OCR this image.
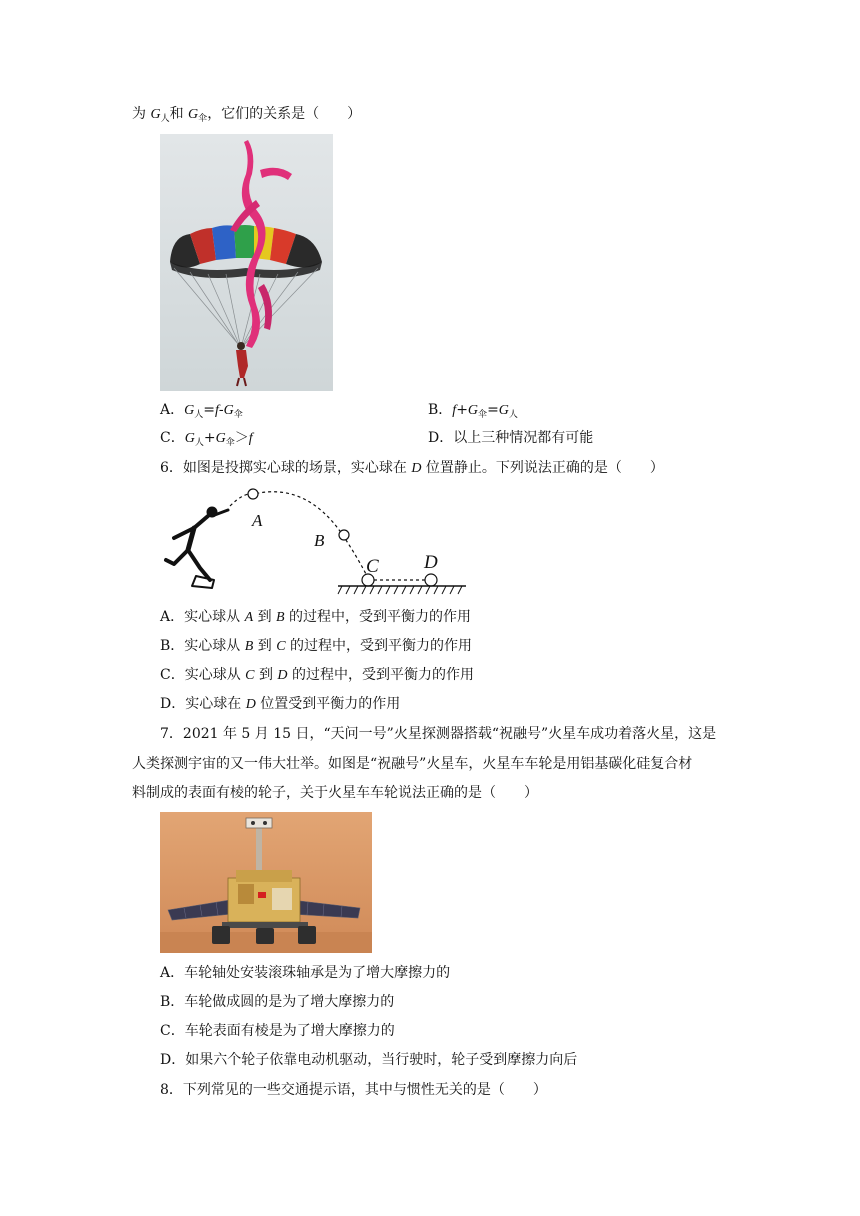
为 $G_人$和 $G_伞$，它们的关系是（　　）
A．$G_人=f-G_伞$	B．$f+G_伞=G_人$
C．$G_人+G_伞>f$	D．以上三种情况都有可能
6．如图是投掷实心球的场景，实心球在 D 位置静止。下列说法正确的是（　　）
A
B
C D
A．实心球从 A 到 B 的过程中，受到平衡力的作用
B．实心球从 B 到 C 的过程中，受到平衡力的作用
C．实心球从 C 到 D 的过程中，受到平衡力的作用
D．实心球在 D 位置受到平衡力的作用
7．2021 年 5 月 15 日，“天问一号”火星探测器搭载“祝融号”火星车成功着落火星，这是
人类探测宇宙的又一伟大壮举。如图是“祝融号”火星车，火星车车轮是用铝基碳化硅复合材
料制成的表面有棱的轮子，关于火星车车轮说法正确的是（　　）
A．车轮轴处安装滚珠轴承是为了增大摩擦力的
B．车轮做成圆的是为了增大摩擦力的
C．车轮表面有棱是为了增大摩擦力的
D．如果六个轮子依靠电动机驱动，当行驶时，轮子受到摩擦力向后
8．下列常见的一些交通提示语，其中与惯性无关的是（　　）
